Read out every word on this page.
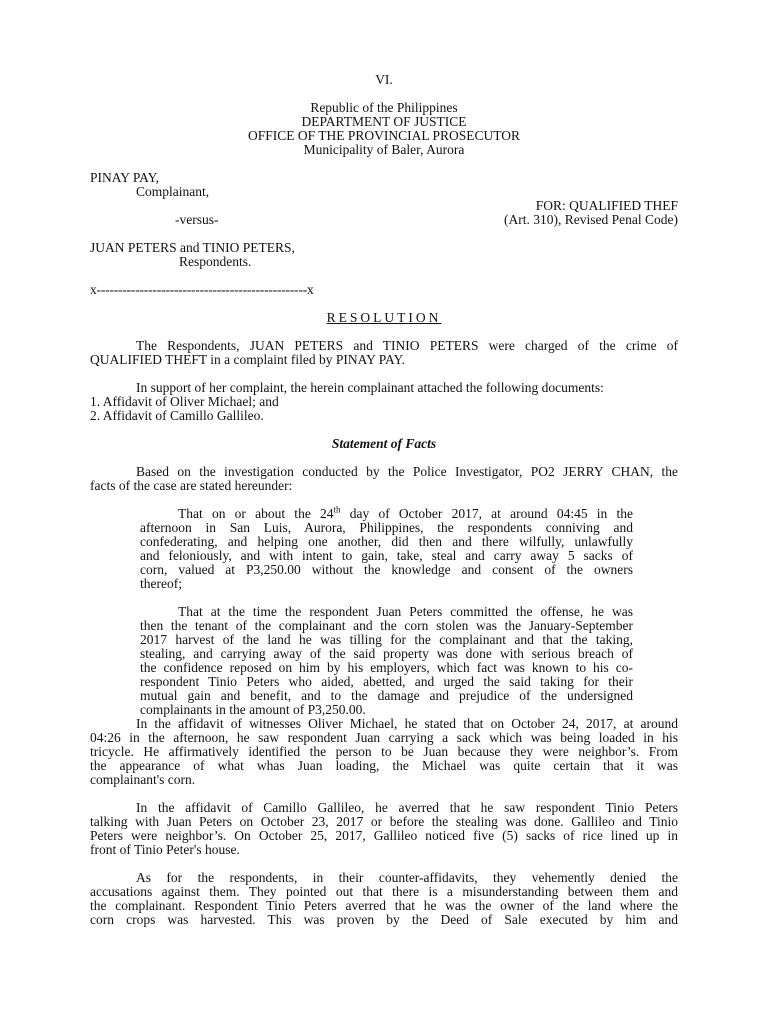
VI.
Republic of the Philippines
DEPARTMENT OF JUSTICE
OFFICE OF THE PROVINCIAL PROSECUTOR
Municipality of Baler, Aurora
PINAY PAY,
Complainant,
FOR: QUALIFIED THEF
-versus-	(Art. 310), Revised Penal Code)
JUAN PETERS and TINIO PETERS,
Respondents.
x-------------------------------------------------x
RESOLUTION
The Respondents, JUAN PETERS and TINIO PETERS were charged of the crime of
QUALIFIED THEFT in a complaint filed by PINAY PAY.
In support of her complaint, the herein complainant attached the following documents:
1. Affidavit of Oliver Michael; and
2. Affidavit of Camillo Gallileo.
Statement of Facts
Based on the investigation conducted by the Police Investigator, PO2 JERRY CHAN, the
facts of the case are stated hereunder:
That on or about the 24th day of October 2017, at around 04:45 in the
afternoon in San Luis, Aurora, Philippines, the respondents conniving and
confederating, and helping one another, did then and there wilfully, unlawfully
and feloniously, and with intent to gain, take, steal and carry away 5 sacks of
corn, valued at P3,250.00 without the knowledge and consent of the owners
thereof;
That at the time the respondent Juan Peters committed the offense, he was
then the tenant of the complainant and the corn stolen was the January-September
2017 harvest of the land he was tilling for the complainant and that the taking,
stealing, and carrying away of the said property was done with serious breach of
the confidence reposed on him by his employers, which fact was known to his co-
respondent Tinio Peters who aided, abetted, and urged the said taking for their
mutual gain and benefit, and to the damage and prejudice of the undersigned
complainants in the amount of P3,250.00.
In the affidavit of witnesses Oliver Michael, he stated that on October 24, 2017, at around
04:26 in the afternoon, he saw respondent Juan carrying a sack which was being loaded in his
tricycle. He affirmatively identified the person to be Juan because they were neighbor’s. From
the appearance of what whas Juan loading, the Michael was quite certain that it was
complainant's corn.
In the affidavit of Camillo Gallileo, he averred that he saw respondent Tinio Peters
talking with Juan Peters on October 23, 2017 or before the stealing was done. Gallileo and Tinio
Peters were neighbor’s. On October 25, 2017, Gallileo noticed five (5) sacks of rice lined up in
front of Tinio Peter's house.
As for the respondents, in their counter-affidavits, they vehemently denied the
accusations against them. They pointed out that there is a misunderstanding between them and
the complainant. Respondent Tinio Peters averred that he was the owner of the land where the
corn crops was harvested. This was proven by the Deed of Sale executed by him and
